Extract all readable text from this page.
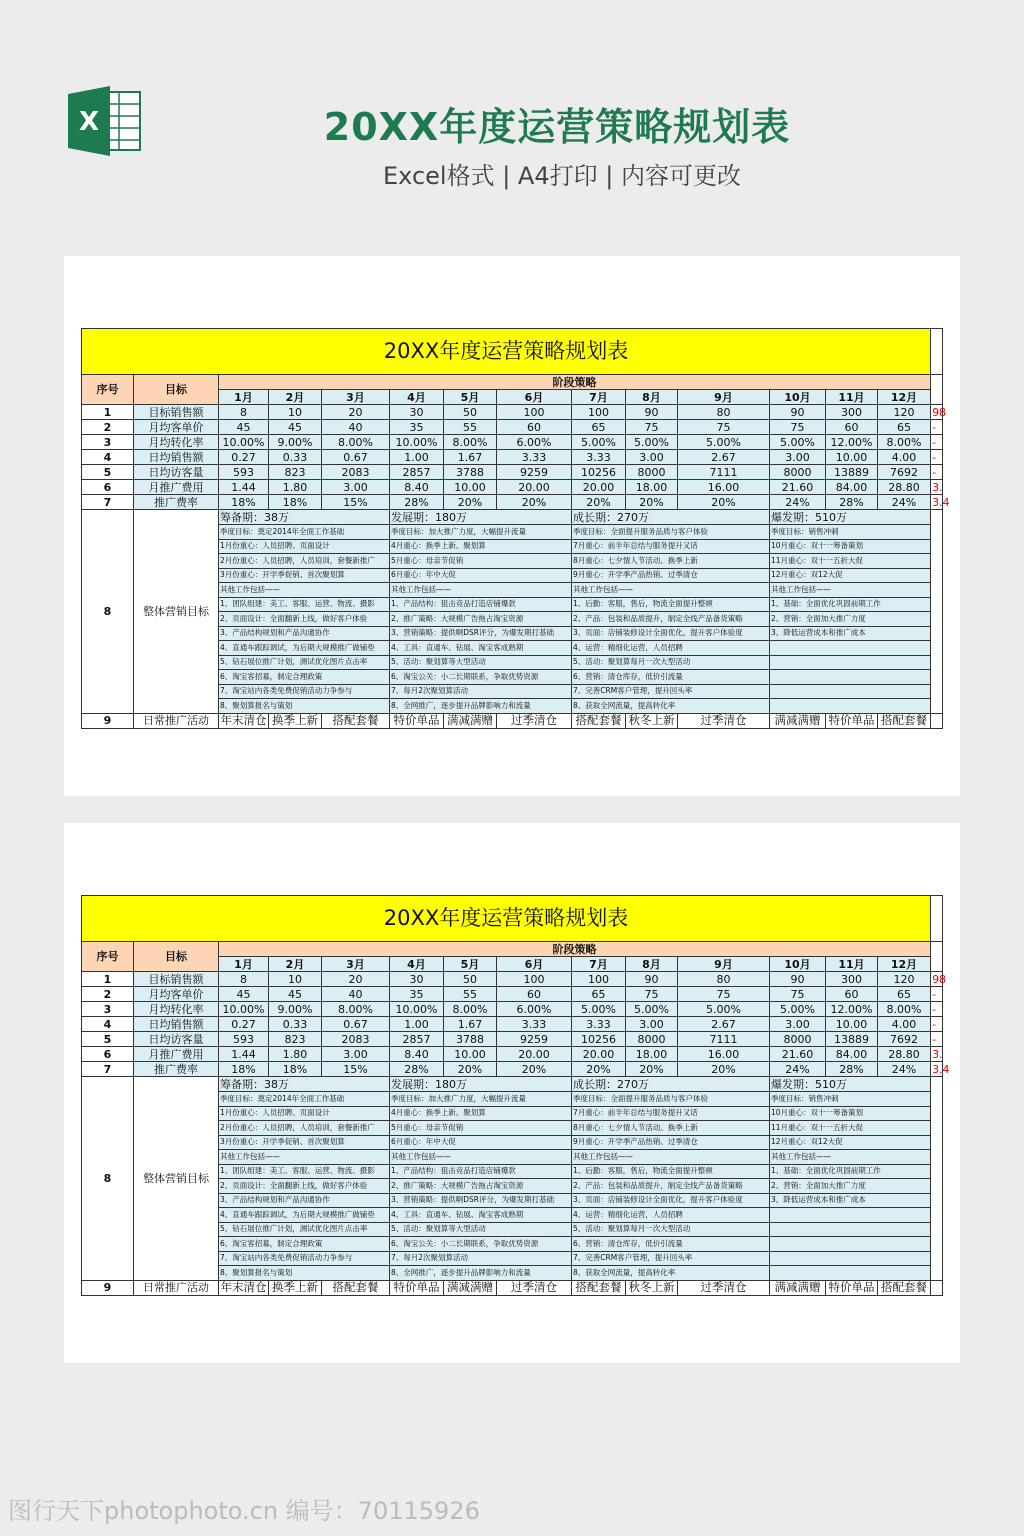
X	20XX年度运营策略规划表
Excel格式 | A4打印 | 内容可更改
20XX年度运营策略规划表														
序号	目标	阶段策略												
		1月	2月	3月	4月	5月	6月	7月	8月	9月	10月	11月	12月	
1	目标销售额	8	10	20	30	50	100	100	90	80	90	300	120	98
2	月均客单价	45	45	40	35	55	60	65	75	75	75	60	65	-
3	月均转化率	10.00%	9.00%	8.00%	10.00%	8.00%	6.00%	5.00%	5.00%	5.00%	5.00%	12.00%	8.00%	-
4	日均销售额	0.27	0.33	0.67	1.00	1.67	3.33	3.33	3.00	2.67	3.00	10.00	4.00	-
5	日均访客量	593	823	2083	2857	3788	9259	10256	8000	7111	8000	13889	7692	-
6	月推广费用	1.44	1.80	3.00	8.40	10.00	20.00	20.00	18.00	16.00	21.60	84.00	28.80	3.
7	推广费率	18%	18%	15%	28%	20%	20%	20%	20%	20%	24%	28%	24%	3.4
8	整体营销目标	筹备期：38万			发展期：180万			成长期：270万			爆发期：510万			
		季度目标：奠定2014年全面工作基础			季度目标：加大推广力度，大幅提升流量			季度目标：全面提升服务品质与客户体验			季度目标：销售冲刺			
		1月份重心：人员招聘、页面设计			4月重心：换季上新、聚划算			7月重心：前半年总结与服务提升又话			10月重心：双十一筹备策划			
		2月份重心：人员招聘，人员培训，套餐新推广			5月重心：母亲节促销			8月重心：七夕情人节活动、换季上新			11月重心：双十一五折大促			
		3月份重心：开学季促销、首次聚划算			6月重心：年中大促			9月重心：开学季产品热销、过季清仓			12月重心：双12大促			
		其他工作包括——			其他工作包括——			其他工作包括——			其他工作包括——			
		1、团队组建：美工、客服、运营、物流、摄影			1、产品结构：狙击竞品打造店铺爆款			1、后勤：客服，售后，物流全面提升整顿			1、基础：全面优化巩固前期工作			
		2、页面设计：全面翻新上线，做好客户体验			2、推广策略：大规模广告拖占淘宝资源			2、产品：包装和品质提升，制定全线产品备货策略			2、营销：全面加大推广力度			
		3、产品结构规划和产品沟通协作			3、营销策略：提供啊DSR评分，为爆发期打基础			3、页面：店铺装修设计全面优化，提升客户体验度			3、降低运营成本和推广成本			
		4、直通车跟踪调试，为后期大规模推广做铺垫			4、工具：直通车、钻展、淘宝客成熟期			4、运营：精细化运营，人员招聘						
		5、钻石展位推广计划，测试优化图片点击率			5、活动：聚划算等大型活动			5、活动：聚划算每月一次大型活动						
		6、淘宝客招募，制定合理政策			6、淘宝公关：小二长期联系，争取优势资源			6、营销：清仓库存，低价引流量						
		7、淘宝站内各类免费促销活动力争参与			7、每月2次聚划算活动			7、完善CRM客户管理，提升回头率						
		8、聚划算报名与策划			8、全网推广，逐步提升品牌影响力和流量			8、获取全网流量，提高转化率						
9	日常推广活动	年末清仓	换季上新	搭配套餐	特价单品	满减满赠	过季清仓	搭配套餐	秋冬上新	过季清仓	满减满赠	特价单品	搭配套餐	
20XX年度运营策略规划表														
序号	目标	阶段策略												
		1月	2月	3月	4月	5月	6月	7月	8月	9月	10月	11月	12月	
1	目标销售额	8	10	20	30	50	100	100	90	80	90	300	120	98
2	月均客单价	45	45	40	35	55	60	65	75	75	75	60	65	-
3	月均转化率	10.00%	9.00%	8.00%	10.00%	8.00%	6.00%	5.00%	5.00%	5.00%	5.00%	12.00%	8.00%	-
4	日均销售额	0.27	0.33	0.67	1.00	1.67	3.33	3.33	3.00	2.67	3.00	10.00	4.00	-
5	日均访客量	593	823	2083	2857	3788	9259	10256	8000	7111	8000	13889	7692	-
6	月推广费用	1.44	1.80	3.00	8.40	10.00	20.00	20.00	18.00	16.00	21.60	84.00	28.80	3.
7	推广费率	18%	18%	15%	28%	20%	20%	20%	20%	20%	24%	28%	24%	3.4
8	整体营销目标	筹备期：38万			发展期：180万			成长期：270万			爆发期：510万			
		季度目标：奠定2014年全面工作基础			季度目标：加大推广力度，大幅提升流量			季度目标：全面提升服务品质与客户体验			季度目标：销售冲刺			
		1月份重心：人员招聘、页面设计			4月重心：换季上新、聚划算			7月重心：前半年总结与服务提升又话			10月重心：双十一筹备策划			
		2月份重心：人员招聘，人员培训，套餐新推广			5月重心：母亲节促销			8月重心：七夕情人节活动、换季上新			11月重心：双十一五折大促			
		3月份重心：开学季促销、首次聚划算			6月重心：年中大促			9月重心：开学季产品热销、过季清仓			12月重心：双12大促			
		其他工作包括——			其他工作包括——			其他工作包括——			其他工作包括——			
		1、团队组建：美工、客服、运营、物流、摄影			1、产品结构：狙击竞品打造店铺爆款			1、后勤：客服，售后，物流全面提升整顿			1、基础：全面优化巩固前期工作			
		2、页面设计：全面翻新上线，做好客户体验			2、推广策略：大规模广告拖占淘宝资源			2、产品：包装和品质提升，制定全线产品备货策略			2、营销：全面加大推广力度			
		3、产品结构规划和产品沟通协作			3、营销策略：提供啊DSR评分，为爆发期打基础			3、页面：店铺装修设计全面优化，提升客户体验度			3、降低运营成本和推广成本			
		4、直通车跟踪调试，为后期大规模推广做铺垫			4、工具：直通车、钻展、淘宝客成熟期			4、运营：精细化运营，人员招聘						
		5、钻石展位推广计划，测试优化图片点击率			5、活动：聚划算等大型活动			5、活动：聚划算每月一次大型活动						
		6、淘宝客招募，制定合理政策			6、淘宝公关：小二长期联系，争取优势资源			6、营销：清仓库存，低价引流量						
		7、淘宝站内各类免费促销活动力争参与			7、每月2次聚划算活动			7、完善CRM客户管理，提升回头率						
		8、聚划算报名与策划			8、全网推广，逐步提升品牌影响力和流量			8、获取全网流量，提高转化率						
9	日常推广活动	年末清仓	换季上新	搭配套餐	特价单品	满减满赠	过季清仓	搭配套餐	秋冬上新	过季清仓	满减满赠	特价单品	搭配套餐	
图行天下photophoto.cn 编号：70115926
